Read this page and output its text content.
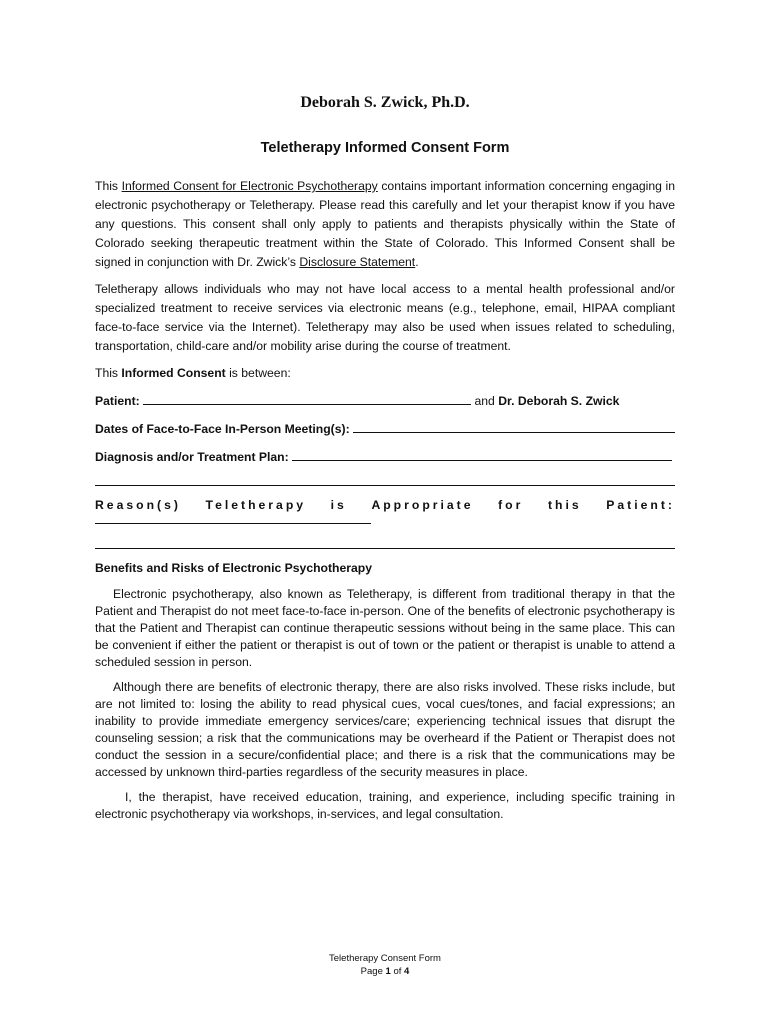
Deborah S. Zwick, Ph.D.
Teletherapy Informed Consent Form

This Informed Consent for Electronic Psychotherapy contains important information concerning engaging in electronic psychotherapy or Teletherapy. Please read this carefully and let your therapist know if you have any questions. This consent shall only apply to patients and therapists physically within the State of Colorado seeking therapeutic treatment within the State of Colorado. This Informed Consent shall be signed in conjunction with Dr. Zwick’s Disclosure Statement.

Teletherapy allows individuals who may not have local access to a mental health professional and/or specialized treatment to receive services via electronic means (e.g., telephone, email, HIPAA compliant face-to-face service via the Internet). Teletherapy may also be used when issues related to scheduling, transportation, child-care and/or mobility arise during the course of treatment.

This Informed Consent is between:

Patient:	and Dr. Deborah S. Zwick
Dates of Face-to-Face In-Person Meeting(s):
Diagnosis and/or Treatment Plan:
Reason(s) Teletherapy is Appropriate for this Patient:
Benefits and Risks of Electronic Psychotherapy

Electronic psychotherapy, also known as Teletherapy, is different from traditional therapy in that the Patient and Therapist do not meet face-to-face in-person. One of the benefits of electronic psychotherapy is that the Patient and Therapist can continue therapeutic sessions without being in the same place. This can be convenient if either the patient or therapist is out of town or the patient or therapist is unable to attend a scheduled session in person.

Although there are benefits of electronic therapy, there are also risks involved. These risks include, but are not limited to: losing the ability to read physical cues, vocal cues/tones, and facial expressions; an inability to provide immediate emergency services/care; experiencing technical issues that disrupt the counseling session; a risk that the communications may be overheard if the Patient or Therapist does not conduct the session in a secure/confidential place; and there is a risk that the communications may be accessed by unknown third-parties regardless of the security measures in place.

I, the therapist, have received education, training, and experience, including specific training in electronic psychotherapy via workshops, in-services, and legal consultation.

Teletherapy Consent Form
Page 1 of 4
